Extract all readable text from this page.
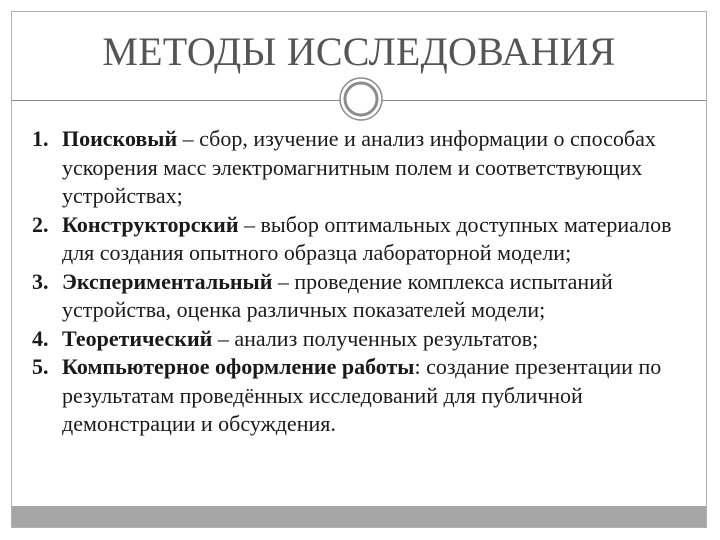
МЕТОДЫ ИССЛЕДОВАНИЯ
1. Поисковый – сбор, изучение и анализ информации о способах ускорения масс электромагнитным полем и соответствующих устройствах;
2. Конструкторский – выбор оптимальных доступных материалов для создания опытного образца лабораторной модели;
3. Экспериментальный – проведение комплекса испытаний устройства, оценка различных показателей модели;
4. Теоретический – анализ полученных результатов;
5. Компьютерное оформление работы: создание презентации по результатам проведённых исследований для публичной демонстрации и обсуждения.
